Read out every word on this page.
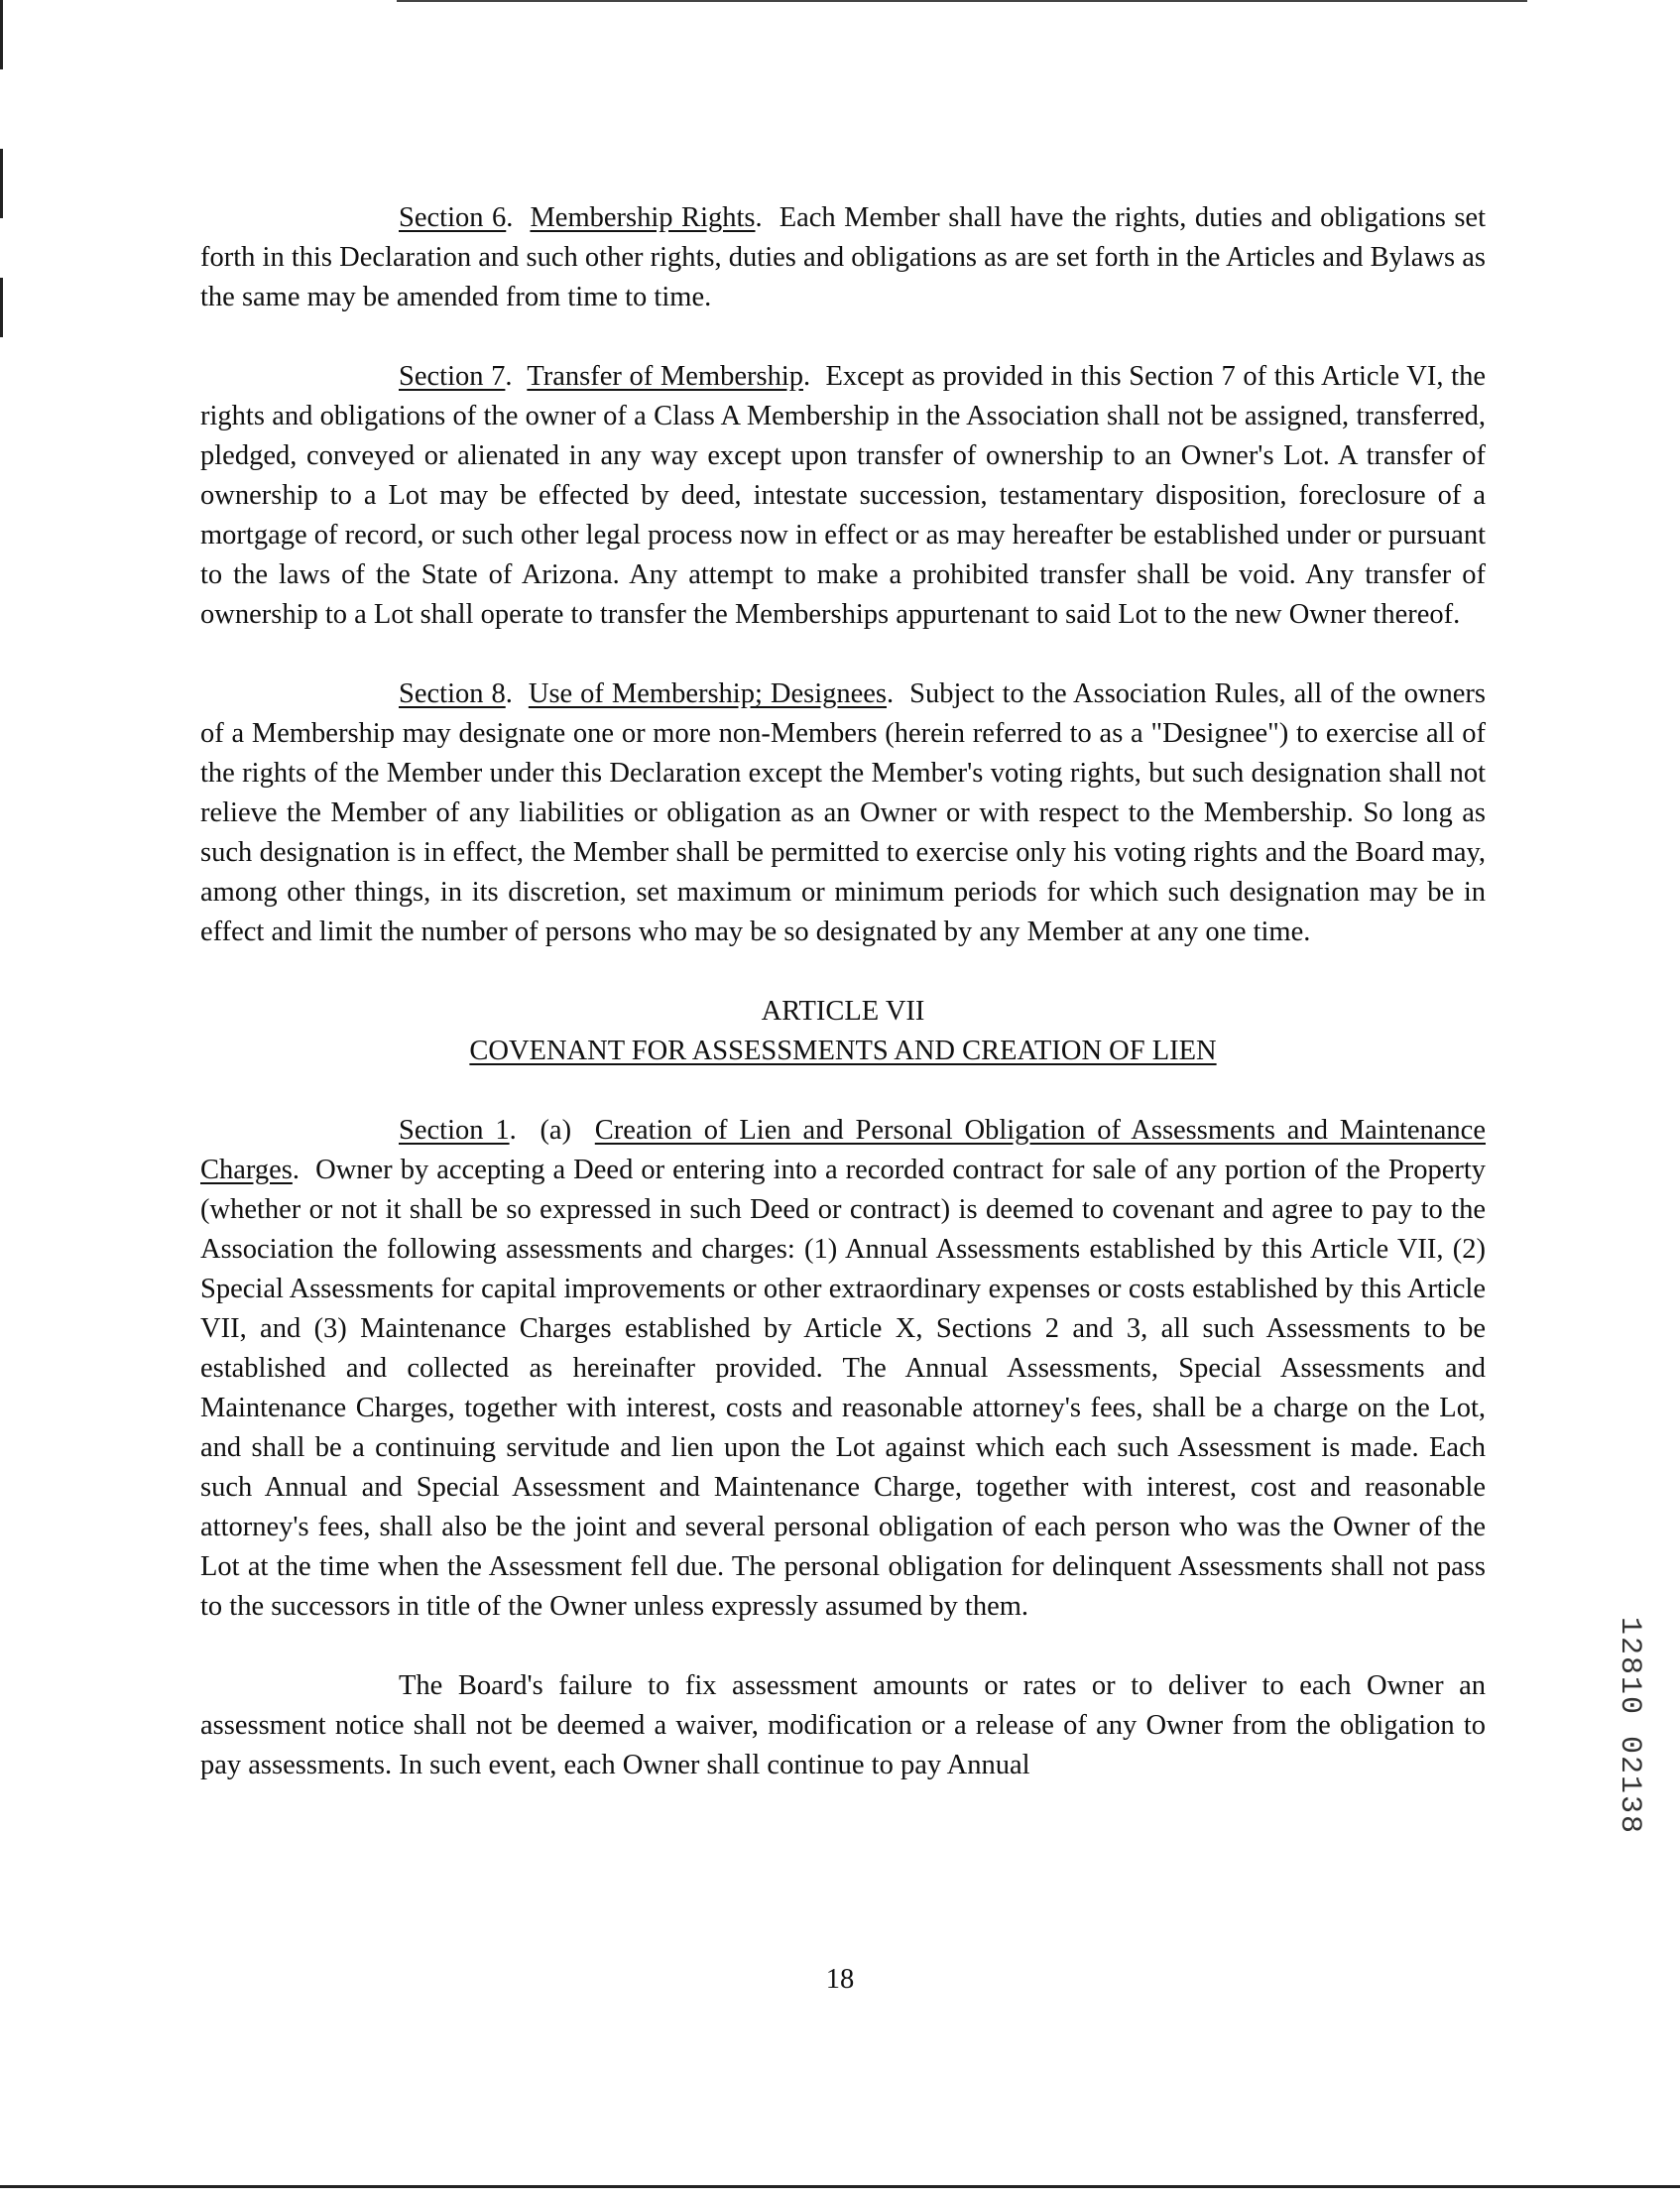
Section 6.  Membership Rights.  Each Member shall have the rights, duties and obligations set forth in this Declaration and such other rights, duties and obligations as are set forth in the Articles and Bylaws as the same may be amended from time to time.

Section 7.  Transfer of Membership.  Except as provided in this Section 7 of this Article VI, the rights and obligations of the owner of a Class A Membership in the Association shall not be assigned, transferred, pledged, conveyed or alienated in any way except upon transfer of ownership to an Owner's Lot. A transfer of ownership to a Lot may be effected by deed, intestate succession, testamentary disposition, foreclosure of a mortgage of record, or such other legal process now in effect or as may hereafter be established under or pursuant to the laws of the State of Arizona. Any attempt to make a prohibited transfer shall be void. Any transfer of ownership to a Lot shall operate to transfer the Memberships appurtenant to said Lot to the new Owner thereof.

Section 8.  Use of Membership; Designees.  Subject to the Association Rules, all of the owners of a Membership may designate one or more non-Members (herein referred to as a "Designee") to exercise all of the rights of the Member under this Declaration except the Member's voting rights, but such designation shall not relieve the Member of any liabilities or obligation as an Owner or with respect to the Membership. So long as such designation is in effect, the Member shall be permitted to exercise only his voting rights and the Board may, among other things, in its discretion, set maximum or minimum periods for which such designation may be in effect and limit the number of persons who may be so designated by any Member at any one time.

ARTICLE VII
COVENANT FOR ASSESSMENTS AND CREATION OF LIEN

Section 1.  (a) Creation of Lien and Personal Obligation of Assessments and Maintenance Charges.  Owner by accepting a Deed or entering into a recorded contract for sale of any portion of the Property (whether or not it shall be so expressed in such Deed or contract) is deemed to covenant and agree to pay to the Association the following assessments and charges: (1) Annual Assessments established by this Article VII, (2) Special Assessments for capital improvements or other extraordinary expenses or costs established by this Article VII, and (3) Maintenance Charges established by Article X, Sections 2 and 3, all such Assessments to be established and collected as hereinafter provided. The Annual Assessments, Special Assessments and Maintenance Charges, together with interest, costs and reasonable attorney's fees, shall be a charge on the Lot, and shall be a continuing servitude and lien upon the Lot against which each such Assessment is made. Each such Annual and Special Assessment and Maintenance Charge, together with interest, cost and reasonable attorney's fees, shall also be the joint and several personal obligation of each person who was the Owner of the Lot at the time when the Assessment fell due. The personal obligation for delinquent Assessments shall not pass to the successors in title of the Owner unless expressly assumed by them.

The Board's failure to fix assessment amounts or rates or to deliver to each Owner an assessment notice shall not be deemed a waiver, modification or a release of any Owner from the obligation to pay assessments. In such event, each Owner shall continue to pay Annual

18
12810 02138
